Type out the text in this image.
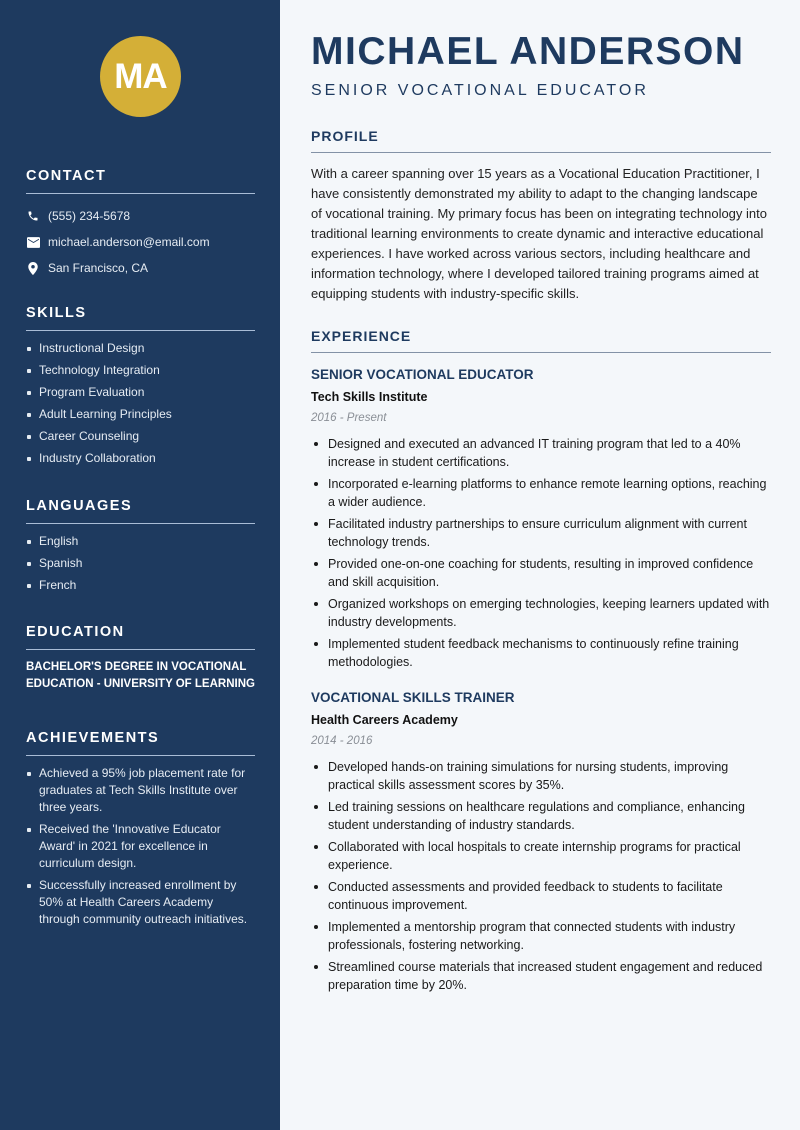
MA
CONTACT
(555) 234-5678
michael.anderson@email.com
San Francisco, CA
SKILLS
Instructional Design
Technology Integration
Program Evaluation
Adult Learning Principles
Career Counseling
Industry Collaboration
LANGUAGES
English
Spanish
French
EDUCATION
BACHELOR'S DEGREE IN VOCATIONAL EDUCATION - UNIVERSITY OF LEARNING
ACHIEVEMENTS
Achieved a 95% job placement rate for graduates at Tech Skills Institute over three years.
Received the 'Innovative Educator Award' in 2021 for excellence in curriculum design.
Successfully increased enrollment by 50% at Health Careers Academy through community outreach initiatives.
MICHAEL ANDERSON
SENIOR VOCATIONAL EDUCATOR
PROFILE

With a career spanning over 15 years as a Vocational Education Practitioner, I have consistently demonstrated my ability to adapt to the changing landscape of vocational training. My primary focus has been on integrating technology into traditional learning environments to create dynamic and interactive educational experiences. I have worked across various sectors, including healthcare and information technology, where I developed tailored training programs aimed at equipping students with industry-specific skills.

EXPERIENCE
SENIOR VOCATIONAL EDUCATOR
Tech Skills Institute
2016 - Present
Designed and executed an advanced IT training program that led to a 40% increase in student certifications.
Incorporated e-learning platforms to enhance remote learning options, reaching a wider audience.
Facilitated industry partnerships to ensure curriculum alignment with current technology trends.
Provided one-on-one coaching for students, resulting in improved confidence and skill acquisition.
Organized workshops on emerging technologies, keeping learners updated with industry developments.
Implemented student feedback mechanisms to continuously refine training methodologies.
VOCATIONAL SKILLS TRAINER
Health Careers Academy
2014 - 2016
Developed hands-on training simulations for nursing students, improving practical skills assessment scores by 35%.
Led training sessions on healthcare regulations and compliance, enhancing student understanding of industry standards.
Collaborated with local hospitals to create internship programs for practical experience.
Conducted assessments and provided feedback to students to facilitate continuous improvement.
Implemented a mentorship program that connected students with industry professionals, fostering networking.
Streamlined course materials that increased student engagement and reduced preparation time by 20%.
